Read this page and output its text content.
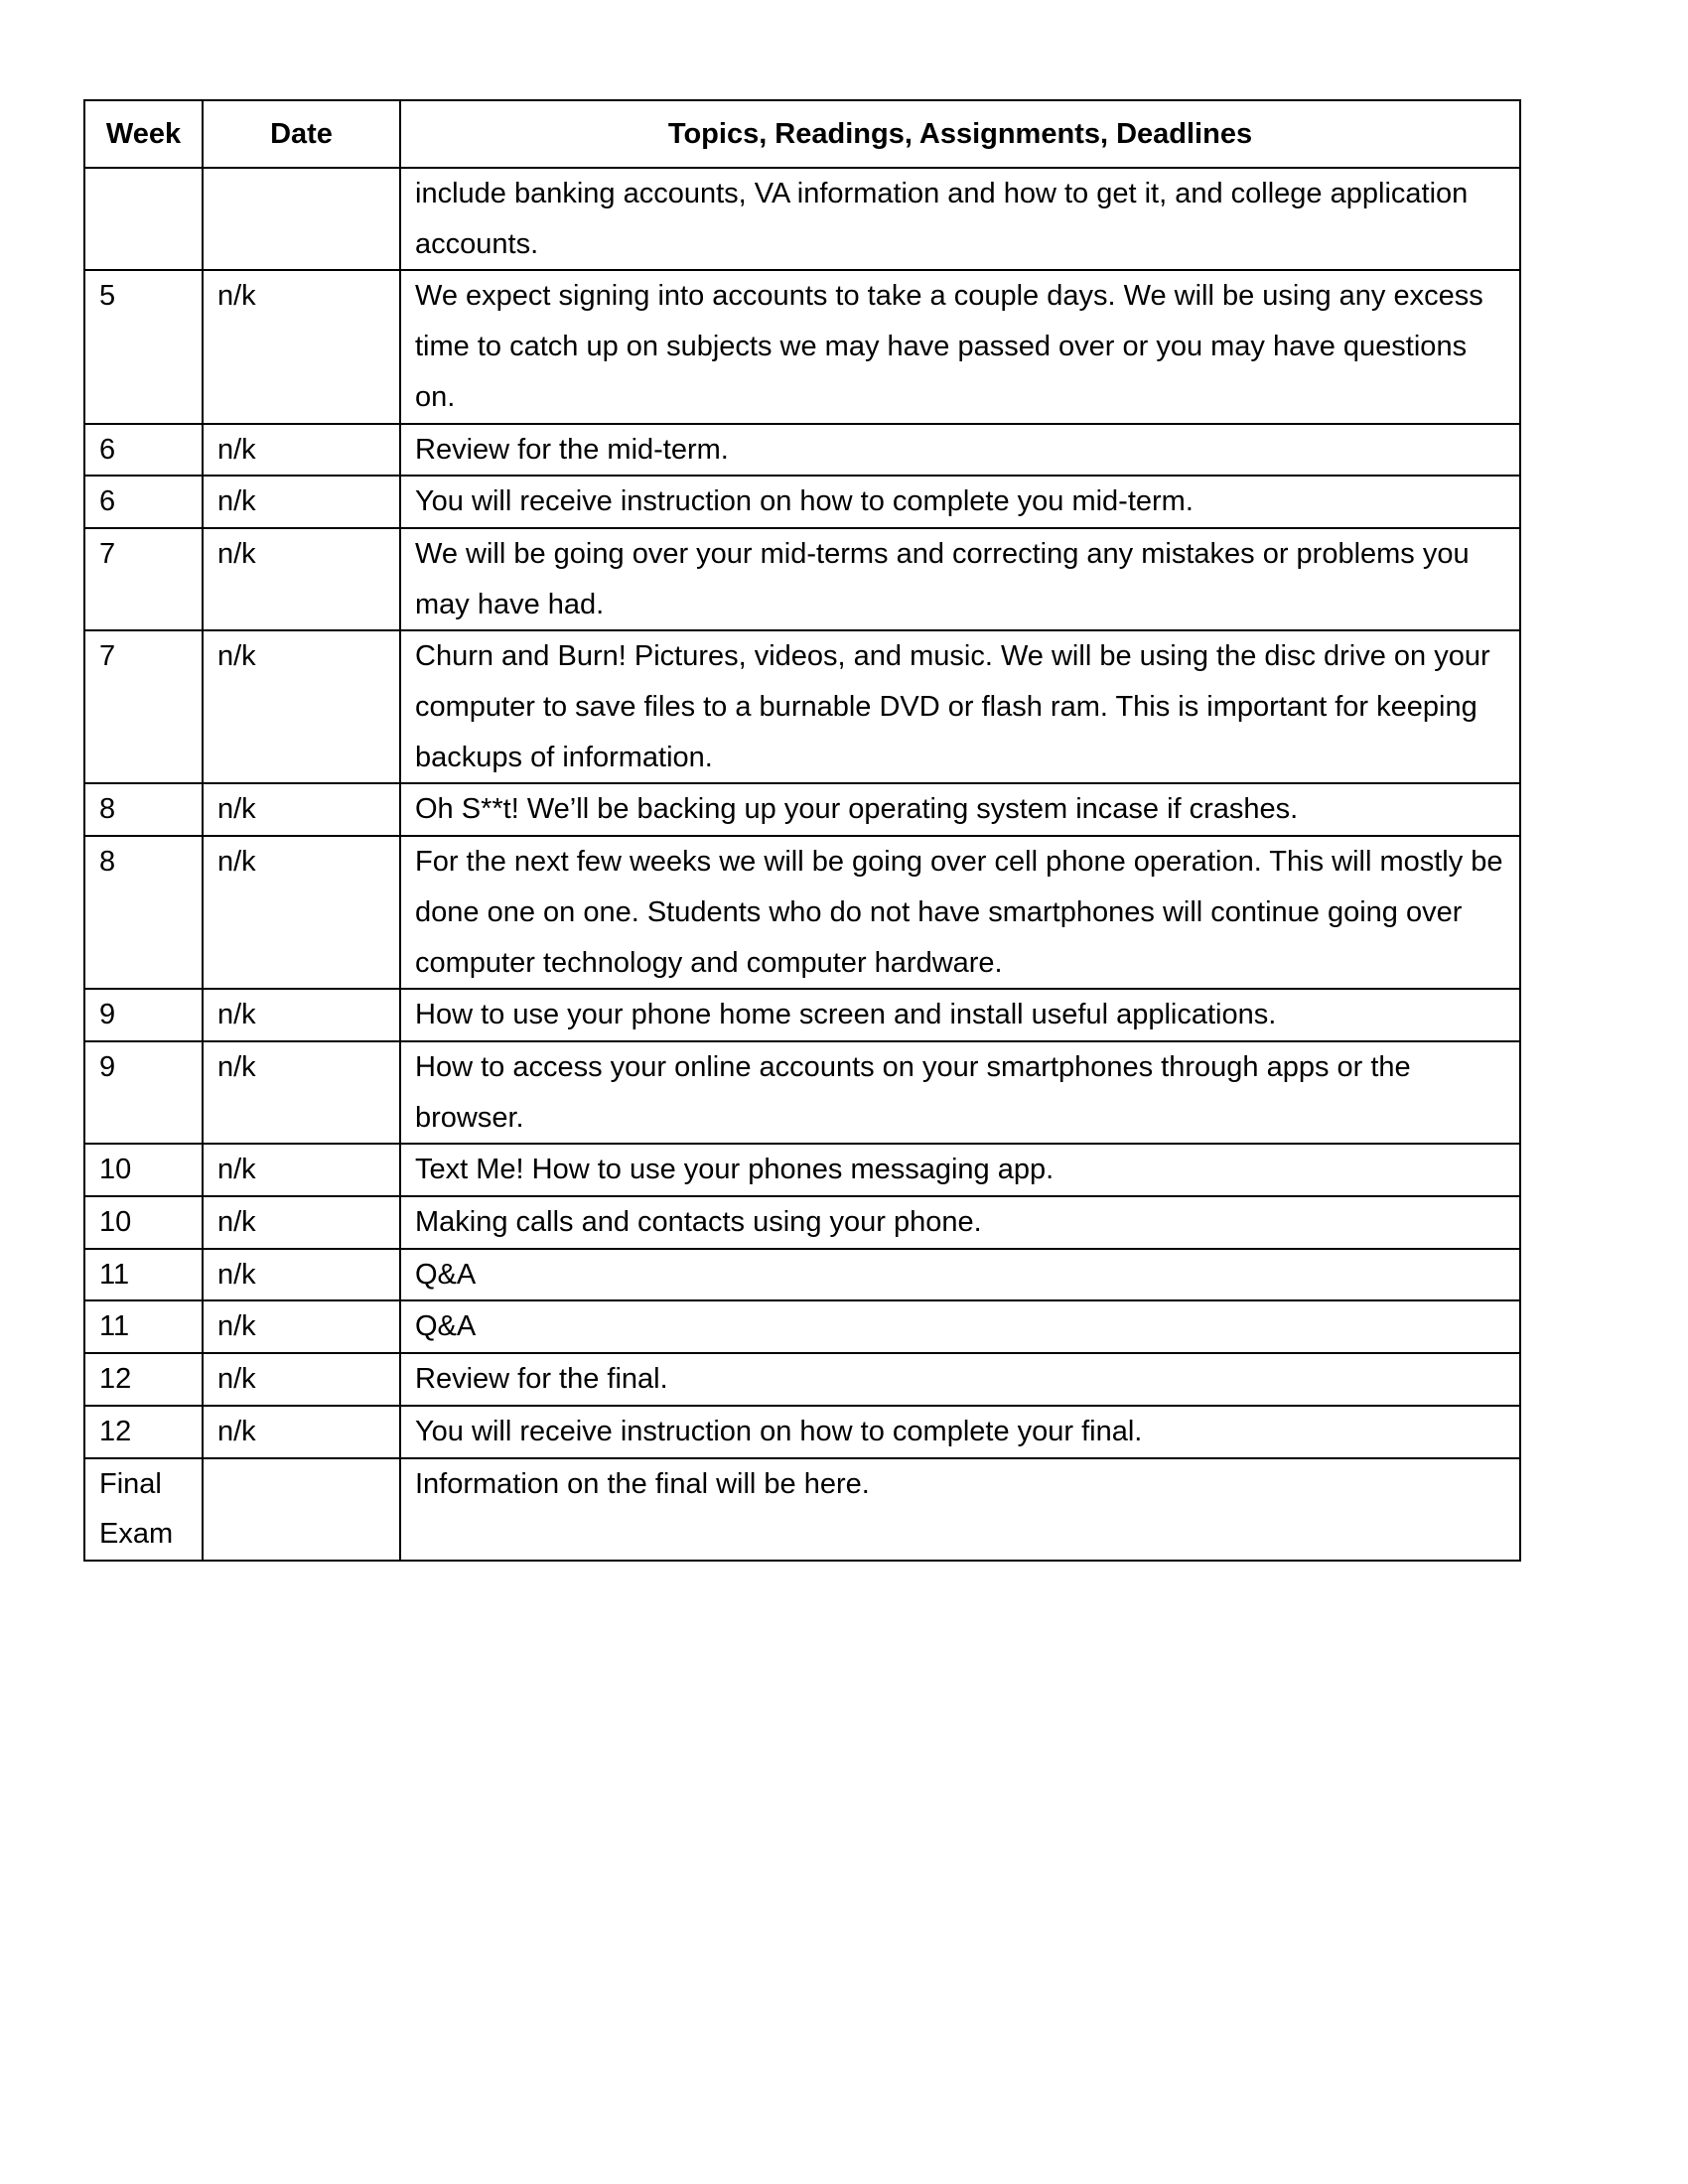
Week	Date	Topics, Readings, Assignments, Deadlines
		include banking accounts, VA information and how to get it, and college application accounts.
5	n/k	We expect signing into accounts to take a couple days. We will be using any excess time to catch up on subjects we may have passed over or you may have questions on.
6	n/k	Review for the mid-term.
6	n/k	You will receive instruction on how to complete you mid-term.
7	n/k	We will be going over your mid-terms and correcting any mistakes or problems you may have had.
7	n/k	Churn and Burn! Pictures, videos, and music. We will be using the disc drive on your computer to save files to a burnable DVD or flash ram. This is important for keeping backups of information.
8	n/k	Oh S**t! We’ll be backing up your operating system incase if crashes.
8	n/k	For the next few weeks we will be going over cell phone operation. This will mostly be done one on one. Students who do not have smartphones will continue going over computer technology and computer hardware.
9	n/k	How to use your phone home screen and install useful applications.
9	n/k	How to access your online accounts on your smartphones through apps or the browser.
10	n/k	Text Me! How to use your phones messaging app.
10	n/k	Making calls and contacts using your phone.
11	n/k	Q&A
11	n/k	Q&A
12	n/k	Review for the final.
12	n/k	You will receive instruction on how to complete your final.
Final Exam		Information on the final will be here.
